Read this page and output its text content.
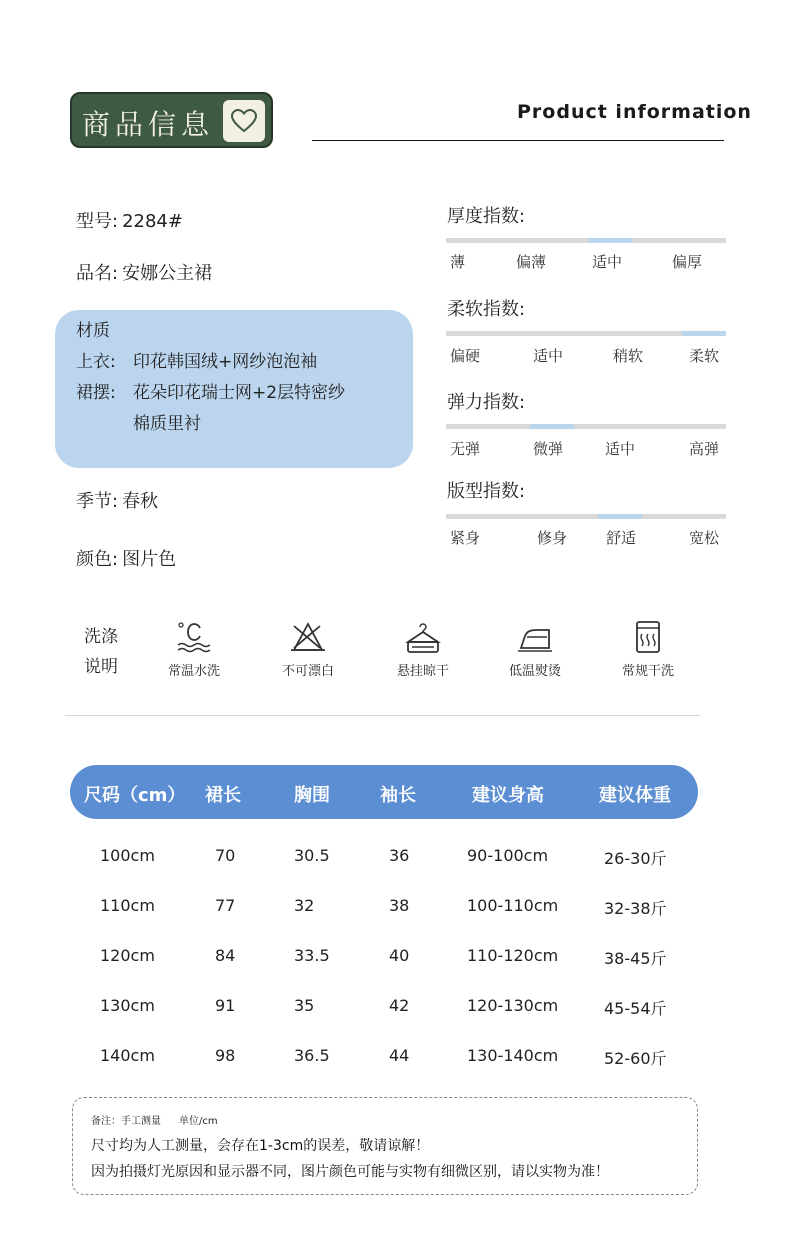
商品信息	Product information
型号: 2284#
品名: 安娜公主裙
材质
上衣: 印花韩国绒+网纱泡泡袖
裙摆: 花朵印花瑞士网+2层特密纱
棉质里衬
季节: 春秋
颜色: 图片色
厚度指数:
薄	偏薄	适中	偏厚
柔软指数:
偏硬	适中	稍软	柔软
弹力指数:
无弹	微弹	适中	高弹
版型指数:
紧身	修身	舒适	宽松
洗涤
说明	常温水洗	不可漂白	悬挂晾干	低温熨烫	常规干洗
尺码（cm） 裙长	胸围	袖长	建议身高	建议体重
100cm	70	30.5	36	90-100cm	26-30斤
110cm	77	32	38	100-110cm	32-38斤
120cm	84	33.5	40	110-120cm	38-45斤
130cm	91	35	42	120-130cm	45-54斤
140cm	98	36.5	44	130-140cm	52-60斤
备注：手工测量 单位/cm
尺寸均为人工测量，会存在1-3cm的误差，敬请谅解！
因为拍摄灯光原因和显示器不同，图片颜色可能与实物有细微区别，请以实物为准！
